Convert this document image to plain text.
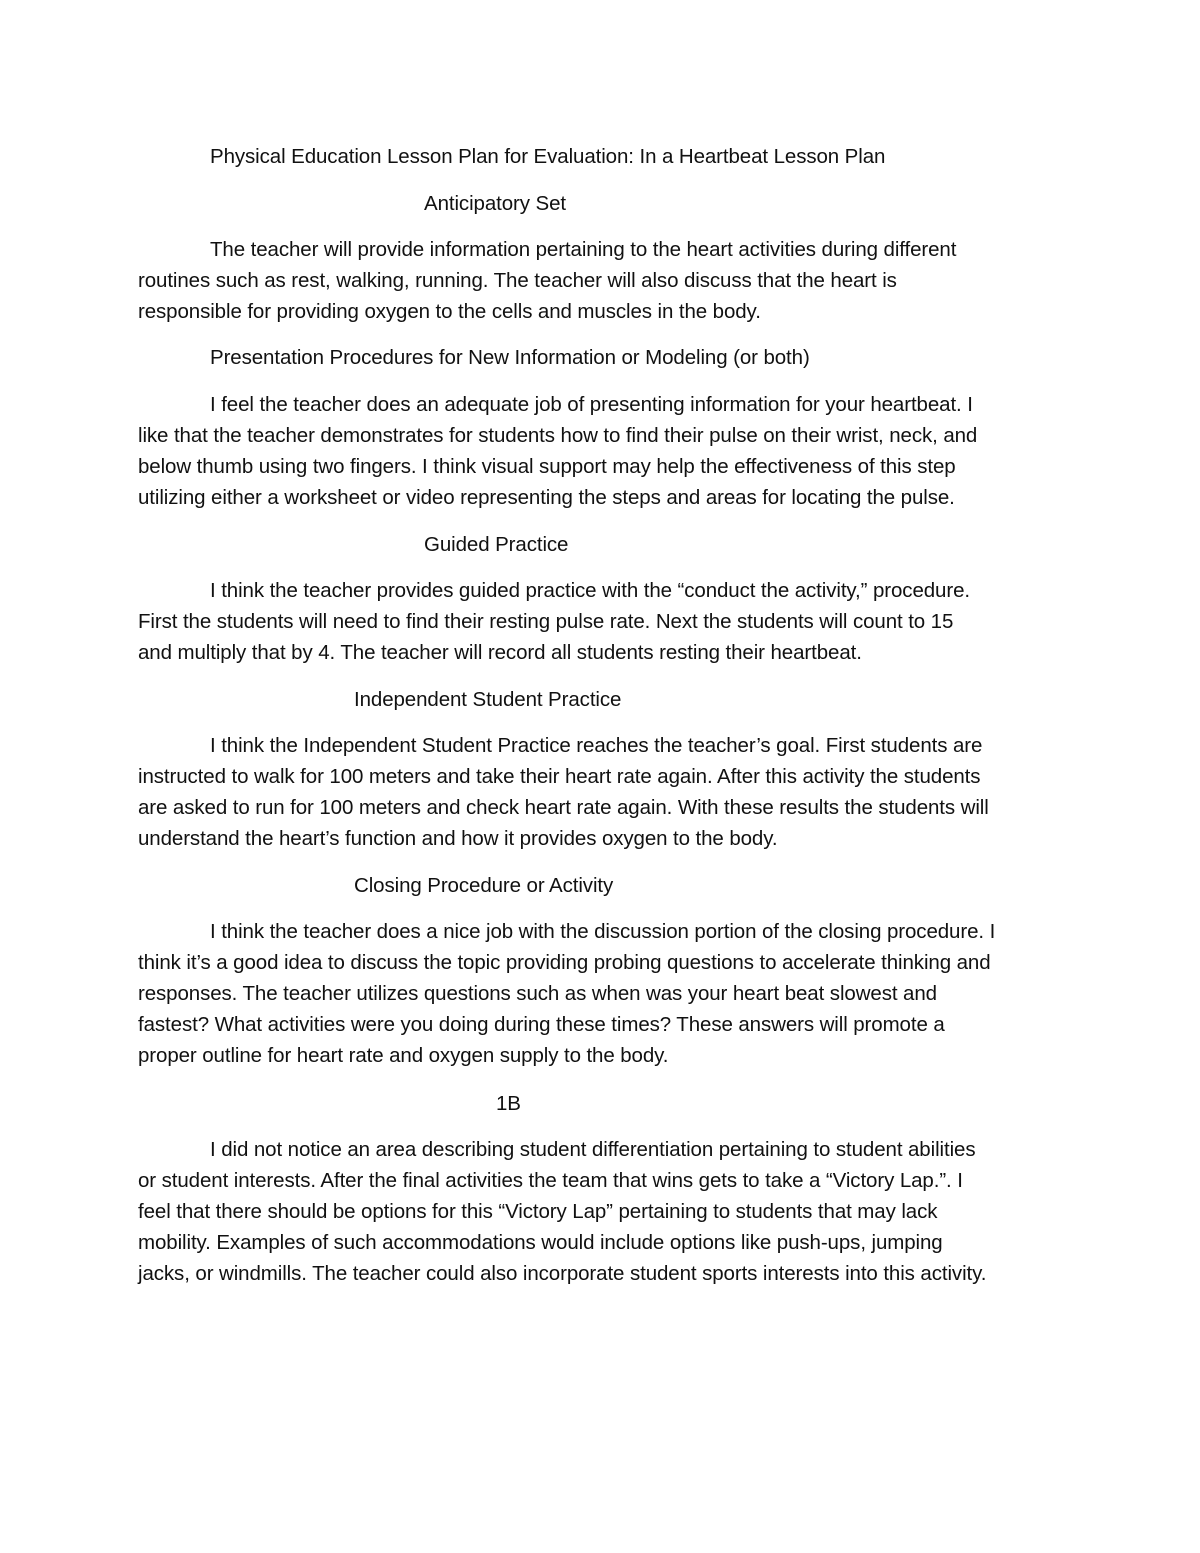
Physical Education Lesson Plan for Evaluation: In a Heartbeat Lesson Plan
Anticipatory Set
The teacher will provide information pertaining to the heart activities during different
routines such as rest, walking, running. The teacher will also discuss that the heart is
responsible for providing oxygen to the cells and muscles in the body.
Presentation Procedures for New Information or Modeling (or both)
I feel the teacher does an adequate job of presenting information for your heartbeat. I
like that the teacher demonstrates for students how to find their pulse on their wrist, neck, and
below thumb using two fingers. I think visual support may help the effectiveness of this step
utilizing either a worksheet or video representing the steps and areas for locating the pulse.
Guided Practice
I think the teacher provides guided practice with the “conduct the activity,” procedure.
First the students will need to find their resting pulse rate. Next the students will count to 15
and multiply that by 4. The teacher will record all students resting their heartbeat.
Independent Student Practice
I think the Independent Student Practice reaches the teacher’s goal. First students are
instructed to walk for 100 meters and take their heart rate again. After this activity the students
are asked to run for 100 meters and check heart rate again. With these results the students will
understand the heart’s function and how it provides oxygen to the body.
Closing Procedure or Activity
I think the teacher does a nice job with the discussion portion of the closing procedure. I
think it’s a good idea to discuss the topic providing probing questions to accelerate thinking and
responses. The teacher utilizes questions such as when was your heart beat slowest and
fastest? What activities were you doing during these times? These answers will promote a
proper outline for heart rate and oxygen supply to the body.
1B
I did not notice an area describing student differentiation pertaining to student abilities
or student interests. After the final activities the team that wins gets to take a “Victory Lap.”. I
feel that there should be options for this “Victory Lap” pertaining to students that may lack
mobility. Examples of such accommodations would include options like push-ups, jumping
jacks, or windmills. The teacher could also incorporate student sports interests into this activity.
